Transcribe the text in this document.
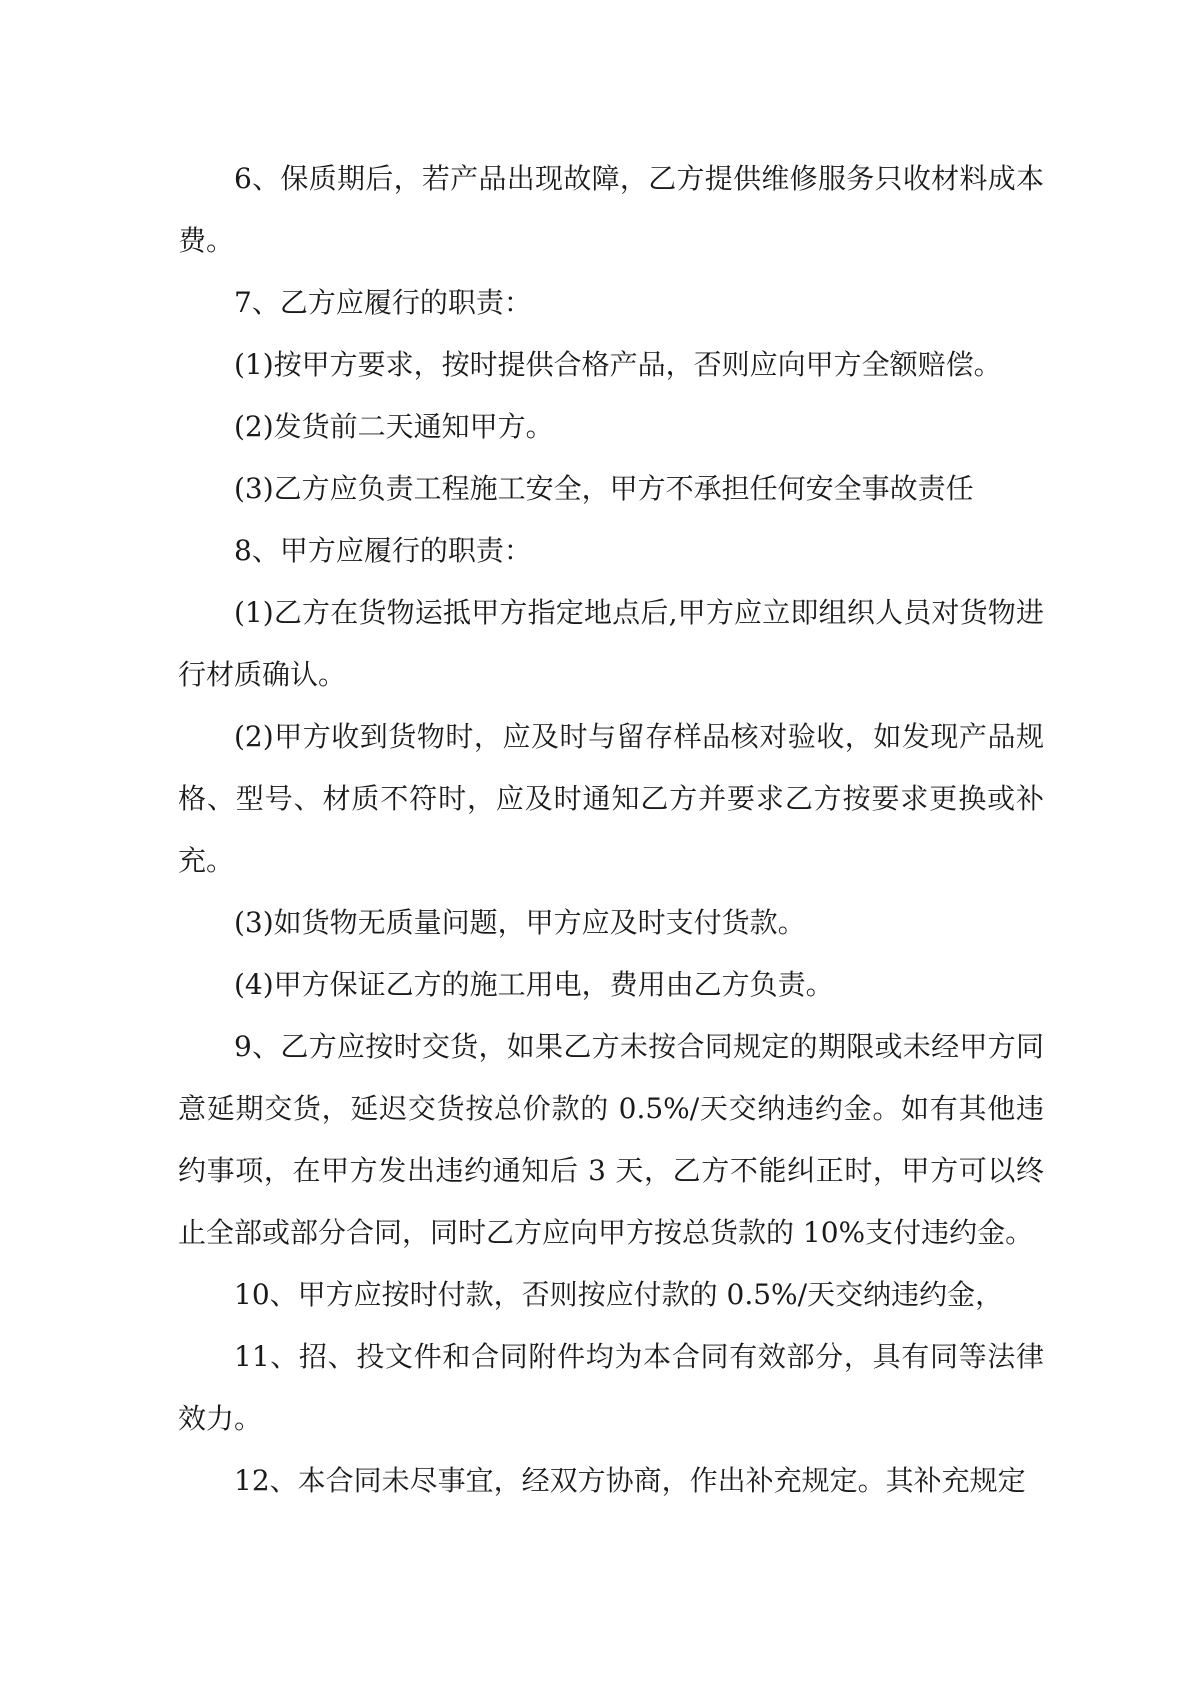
6、保质期后，若产品出现故障，乙方提供维修服务只收材料成本费。

7、乙方应履行的职责：

(1)按甲方要求，按时提供合格产品，否则应向甲方全额赔偿。

(2)发货前二天通知甲方。

(3)乙方应负责工程施工安全，甲方不承担任何安全事故责任

8、甲方应履行的职责：

(1)乙方在货物运抵甲方指定地点后,甲方应立即组织人员对货物进行材质确认。

(2)甲方收到货物时，应及时与留存样品核对验收，如发现产品规格、型号、材质不符时，应及时通知乙方并要求乙方按要求更换或补充。

(3)如货物无质量问题，甲方应及时支付货款。

(4)甲方保证乙方的施工用电，费用由乙方负责。

9、乙方应按时交货，如果乙方未按合同规定的期限或未经甲方同意延期交货，延迟交货按总价款的 0.5%/天交纳违约金。如有其他违约事项，在甲方发出违约通知后 3 天，乙方不能纠正时，甲方可以终止全部或部分合同，同时乙方应向甲方按总货款的 10%支付违约金。

10、甲方应按时付款，否则按应付款的 0.5%/天交纳违约金，

11、招、投文件和合同附件均为本合同有效部分，具有同等法律效力。

12、本合同未尽事宜，经双方协商，作出补充规定。其补充规定
